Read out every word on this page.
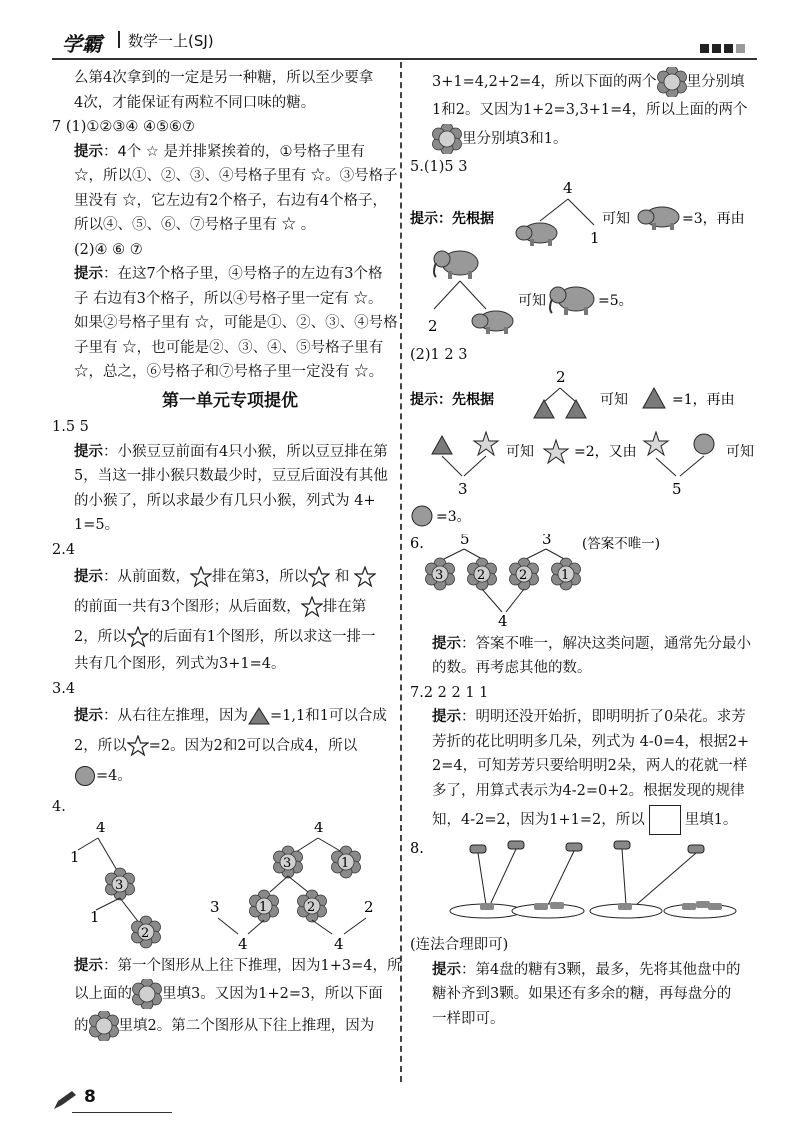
学霸 数学一上(SJ)

么第4次拿到的一定是另一种糖，所以至少要拿

4次，才能保证有两粒不同口味的糖。

7 (1)①②③④ ④⑤⑥⑦

提示：4个 ☆ 是并排紧挨着的，①号格子里有

☆，所以①、②、③、④号格子里有 ☆。③号格子

里没有 ☆，它左边有2个格子，右边有4个格子，

所以④、⑤、⑥、⑦号格子里有 ☆ 。

(2)④ ⑥ ⑦

提示：在这7个格子里，④号格子的左边有3个格

子 右边有3个格子，所以④号格子里一定有 ☆。

如果②号格子里有 ☆，可能是①、②、③、④号格

子里有 ☆，也可能是②、③、④、⑤号格子里有

☆，总之，⑥号格子和⑦号格子里一定没有 ☆。

第一单元专项提优

1.5 5

提示：小猴豆豆前面有4只小猴，所以豆豆排在第

5，当这一排小猴只数最少时，豆豆后面没有其他

的小猴了，所以求最少有几只小猴，列式为 4+

1=5。

2.4

提示：从前面数， 排在第3，所以 和

的前面一共有3个图形；从后面数， 排在第

2，所以 的后面有1个图形，所以求这一排一

共有几个图形，列式为3+1=4。

3.4

提示：从右往左推理，因为 =1,1和1可以合成

2，所以 =2。因为2和2可以合成4，所以

=4。

4.

4
1
3
1
2
4
3	1
1	2
3	2
4	4

提示：第一个图形从上往下推理，因为1+3=4，所

以上面的 里填3。又因为1+2=3，所以下面

的 里填2。第二个图形从下往上推理，因为

3+1=4,2+2=4，所以下面的两个 里分别填

1和2。又因为1+2=3,3+1=4，所以上面的两个

里分别填3和1。

5.(1)5 3

提示：先根据
4
1
可知	=3，再由
2
可知	=5。

(2)1 2 3

提示：先根据
2
可知	=1，再由
3
可知	=2，又由
5
可知
=3。
6.	(答案不唯一)
5	3
3	2	2	1
4

提示：答案不唯一，解决这类问题，通常先分最小

的数。再考虑其他的数。

7.2 2 2 1 1

提示：明明还没开始折，即明明折了0朵花。求芳

芳折的花比明明多几朵，列式为 4-0=4，根据2+

2=4，可知芳芳只要给明明2朵，两人的花就一样

多了，用算式表示为4-2=0+2。根据发现的规律

知，4-2=2，因为1+1=2，所以	里填1。

8.

(连法合理即可)

提示：第4盘的糖有3颗，最多，先将其他盘中的

糖补齐到3颗。如果还有多余的糖，再每盘分的

一样即可。

8
